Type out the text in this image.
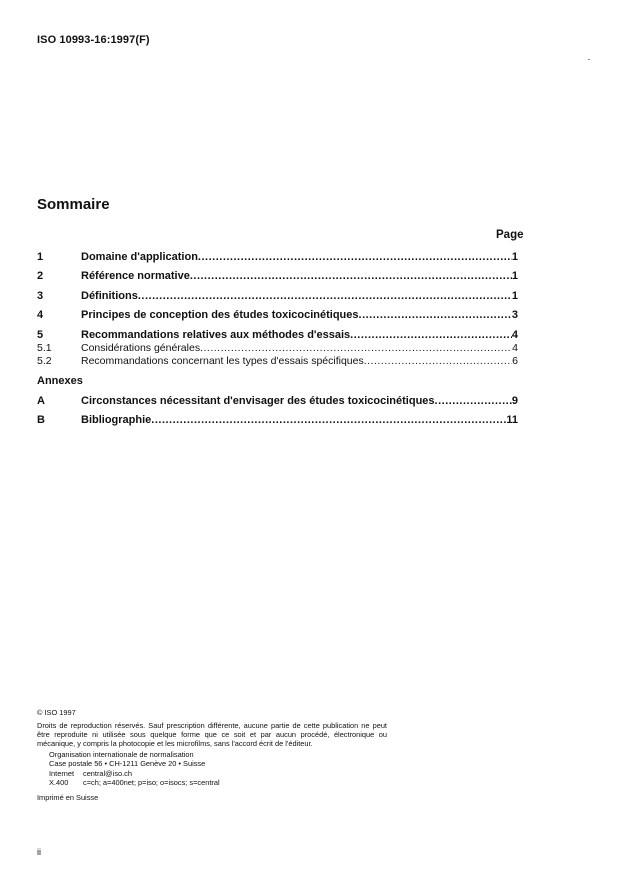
ISO 10993-16:1997(F)
Sommaire
Page
1	Domaine d'application .....	1
2	Référence normative .....	1
3	Définitions .....	1
4	Principes de conception des études toxicocinétiques .....	3
5	Recommandations relatives aux méthodes d'essais .....	4
5.1	Considérations générales .....	4
5.2	Recommandations concernant les types d'essais spécifiques .....	6
Annexes
A	Circonstances nécessitant d'envisager des études toxicocinétiques .....	9
B	Bibliographie .....	11
© ISO 1997
Droits de reproduction réservés. Sauf prescription différente, aucune partie de cette publication ne peut être reproduite ni utilisée sous quelque forme que ce soit et par aucun procédé, électronique ou mécanique, y compris la photocopie et les microfilms, sans l'accord écrit de l'éditeur.
Organisation internationale de normalisation
Case postale 56 • CH-1211 Genève 20 • Suisse
Internet	central@iso.ch
X.400	c=ch; a=400net; p=iso; o=isocs; s=central
Imprimé en Suisse
ii
